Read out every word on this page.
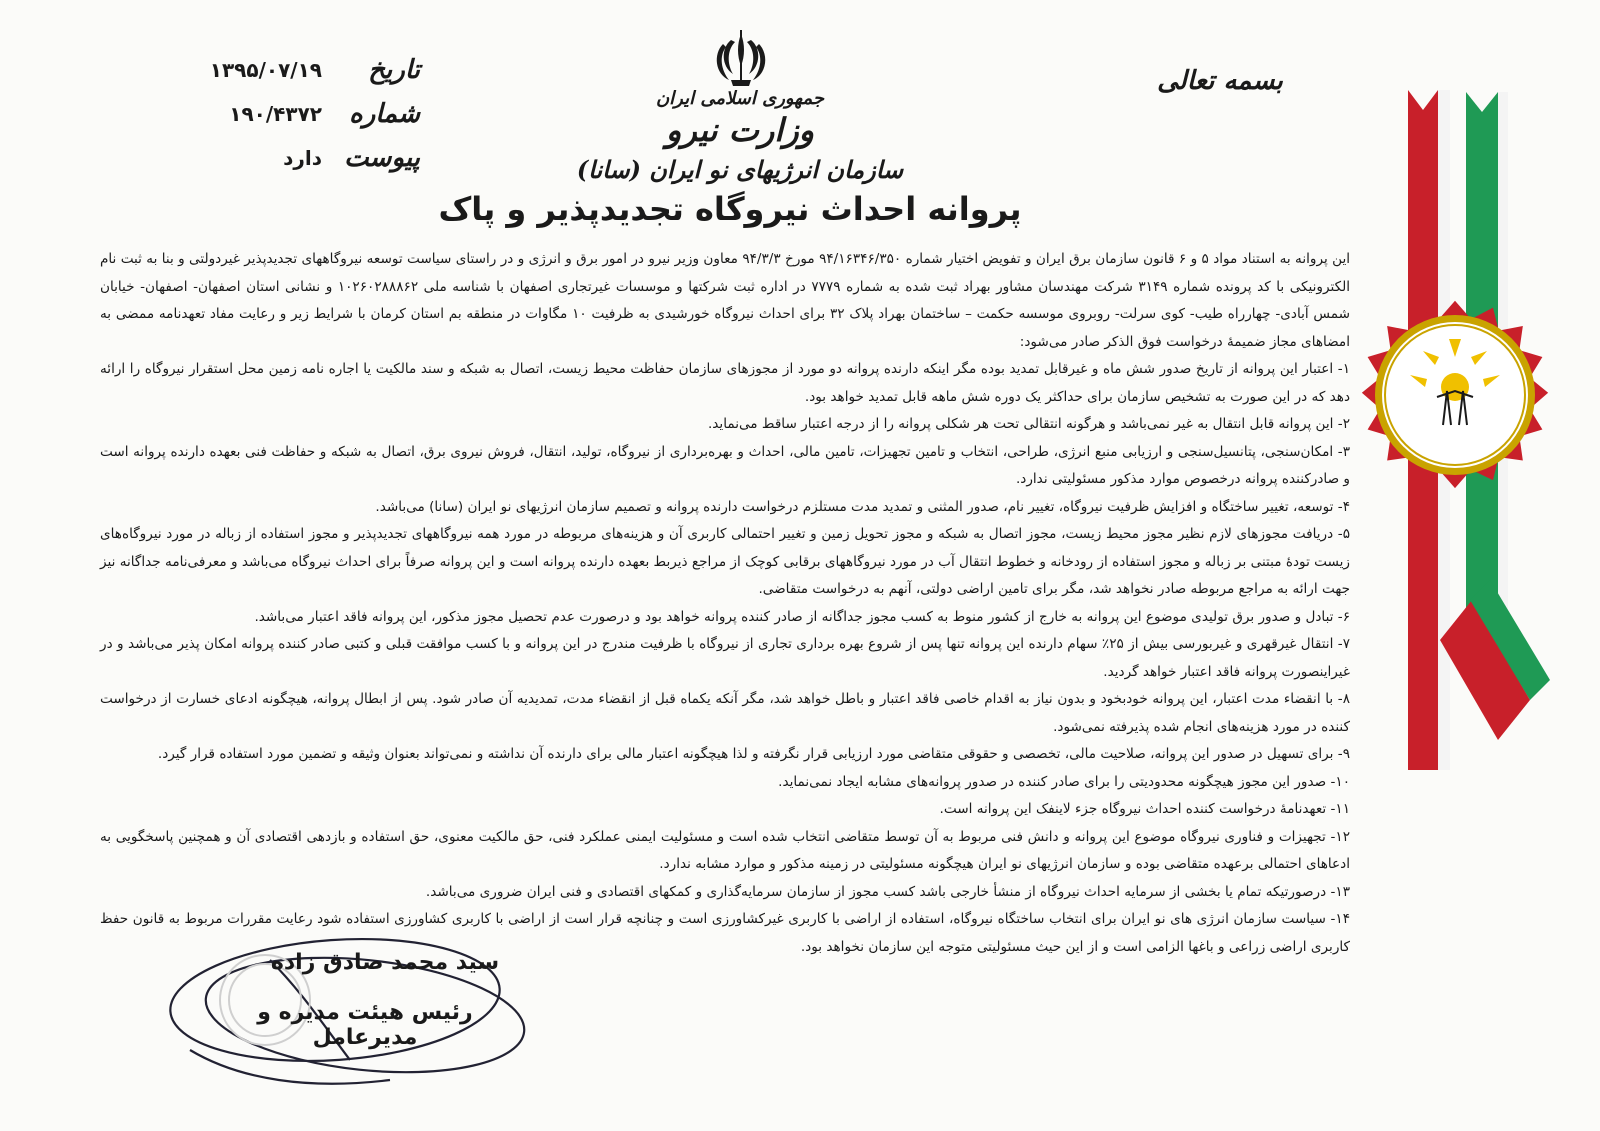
تاریخ
۱۳۹۵/۰۷/۱۹
شماره
۱۹۰/۴۳۷۲
پیوست
دارد
بسمه تعالی

جمهوری اسلامی ایران

وزارت نیرو

سازمان انرژیهای نو ایران (سانا)

پروانه احداث نیروگاه تجدیدپذیر و پاک

این پروانه به استناد مواد ۵ و ۶ قانون سازمان برق ایران و تفویض اختیار شماره ۹۴/۱۶۳۴۶/۳۵۰ مورخ ۹۴/۳/۳ معاون وزیر نیرو در امور برق و انرژی و در راستای سیاست توسعه نیروگاههای تجدیدپذیر غیردولتی و بنا به ثبت نام الکترونیکی با کد پرونده شماره ۳۱۴۹ شرکت مهندسان مشاور بهراد ثبت شده به شماره ۷۷۷۹ در اداره ثبت شرکتها و موسسات غیرتجاری اصفهان با شناسه ملی ۱۰۲۶۰۲۸۸۸۶۲ و نشانی استان اصفهان- اصفهان- خیابان شمس آبادی- چهارراه طیب- کوی سرلت- روبروی موسسه حکمت – ساختمان بهراد پلاک ۳۲ برای احداث نیروگاه خورشیدی به ظرفیت ۱۰ مگاوات در منطقه بم استان کرمان با شرایط زیر و رعایت مفاد تعهدنامه ممضی به امضاهای مجاز ضمیمهٔ درخواست فوق الذکر صادر می‌شود:

۱- اعتبار این پروانه از تاریخ صدور شش ماه و غیرقابل تمدید بوده مگر اینکه دارنده پروانه دو مورد از مجوزهای سازمان حفاظت محیط زیست، اتصال به شبکه و سند مالکیت یا اجاره نامه زمین محل استقرار نیروگاه را ارائه دهد که در این صورت به تشخیص سازمان برای حداکثر یک دوره شش ماهه قابل تمدید خواهد بود.
۲- این پروانه قابل انتقال به غیر نمی‌باشد و هرگونه انتقالی تحت هر شکلی پروانه را از درجه اعتبار ساقط می‌نماید.
۳- امکان‌سنجی، پتانسیل‌سنجی و ارزیابی منبع انرژی، طراحی، انتخاب و تامین تجهیزات، تامین مالی، احداث و بهره‌برداری از نیروگاه، تولید، انتقال، فروش نیروی برق، اتصال به شبکه و حفاظت فنی بعهده دارنده پروانه است و صادرکننده پروانه درخصوص موارد مذکور مسئولیتی ندارد.
۴- توسعه، تغییر ساختگاه و افزایش ظرفیت نیروگاه، تغییر نام، صدور المثنی و تمدید مدت مستلزم درخواست دارنده پروانه و تصمیم سازمان انرژیهای نو ایران (سانا) می‌باشد.
۵- دریافت مجوزهای لازم نظیر مجوز محیط زیست، مجوز اتصال به شبکه و مجوز تحویل زمین و تغییر احتمالی کاربری آن و هزینه‌های مربوطه در مورد همه نیروگاههای تجدیدپذیر و مجوز استفاده از زباله در مورد نیروگاه‌های زیست تودهٔ مبتنی بر زباله و مجوز استفاده از رودخانه و خطوط انتقال آب در مورد نیروگاههای برقابی کوچک از مراجع ذیربط بعهده دارنده پروانه است و این پروانه صرفاً برای احداث نیروگاه می‌باشد و معرفی‌نامه جداگانه نیز جهت ارائه به مراجع مربوطه صادر نخواهد شد، مگر برای تامین اراضی دولتی، آنهم به درخواست متقاضی.
۶- تبادل و صدور برق تولیدی موضوع این پروانه به خارج از کشور منوط به کسب مجوز جداگانه از صادر کننده پروانه خواهد بود و درصورت عدم تحصیل مجوز مذکور، این پروانه فاقد اعتبار می‌باشد.
۷- انتقال غیرقهری و غیربورسی بیش از ۲۵٪ سهام دارنده این پروانه تنها پس از شروع بهره برداری تجاری از نیروگاه با ظرفیت مندرج در این پروانه و با کسب موافقت قبلی و کتبی صادر کننده پروانه امکان پذیر می‌باشد و در غیراینصورت پروانه فاقد اعتبار خواهد گردید.
۸- با انقضاء مدت اعتبار، این پروانه خودبخود و بدون نیاز به اقدام خاصی فاقد اعتبار و باطل خواهد شد، مگر آنکه یکماه قبل از انقضاء مدت، تمدیدیه آن صادر شود. پس از ابطال پروانه، هیچگونه ادعای خسارت از درخواست کننده در مورد هزینه‌های انجام شده پذیرفته نمی‌شود.
۹- برای تسهیل در صدور این پروانه، صلاحیت مالی، تخصصی و حقوقی متقاضی مورد ارزیابی قرار نگرفته و لذا هیچگونه اعتبار مالی برای دارنده آن نداشته و نمی‌تواند بعنوان وثیقه و تضمین مورد استفاده قرار گیرد.
۱۰- صدور این مجوز هیچگونه محدودیتی را برای صادر کننده در صدور پروانه‌های مشابه ایجاد نمی‌نماید.
۱۱- تعهدنامهٔ درخواست کننده احداث نیروگاه جزء لاینفک این پروانه است.
۱۲- تجهیزات و فناوری نیروگاه موضوع این پروانه و دانش فنی مربوط به آن توسط متقاضی انتخاب شده است و مسئولیت ایمنی عملکرد فنی، حق مالکیت معنوی، حق استفاده و بازدهی اقتصادی آن و همچنین پاسخگویی به ادعاهای احتمالی برعهده متقاضی بوده و سازمان انرژیهای نو ایران هیچگونه مسئولیتی در زمینه مذکور و موارد مشابه ندارد.
۱۳- درصورتیکه تمام یا بخشی از سرمایه احداث نیروگاه از منشأ خارجی باشد کسب مجوز از سازمان سرمایه‌گذاری و کمکهای اقتصادی و فنی ایران ضروری می‌باشد.
۱۴- سیاست سازمان انرژی های نو ایران برای انتخاب ساختگاه نیروگاه، استفاده از اراضی با کاربری غیرکشاورزی است و چنانچه قرار است از اراضی با کاربری کشاورزی استفاده شود رعایت مقررات مربوط به قانون حفظ کاربری اراضی زراعی و باغها الزامی است و از این حیث مسئولیتی متوجه این سازمان نخواهد بود.
سید محمد صادق زاده
رئیس هیئت مدیره و مدیرعامل
